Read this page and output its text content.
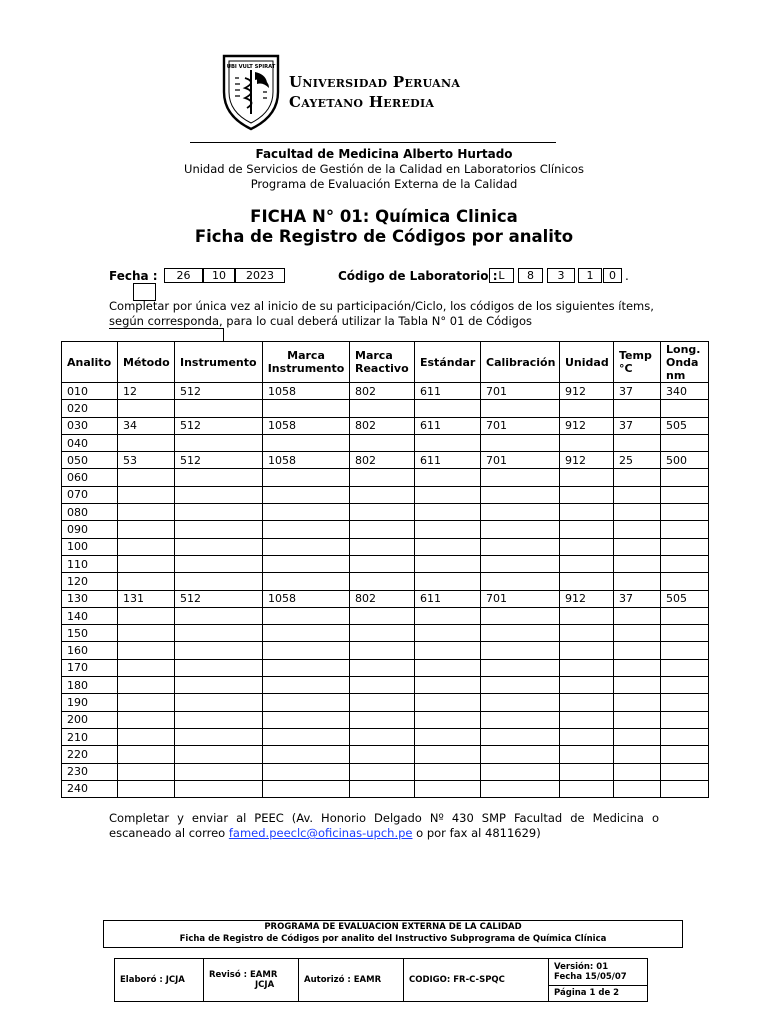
UBI VULT SPIRAT
Universidad Peruana
Cayetano Heredia
Facultad de Medicina Alberto Hurtado
Unidad de Servicios de Gestión de la Calidad en Laboratorios Clínicos
Programa de Evaluación Externa de la Calidad
FICHA N° 01: Química Clinica
Ficha de Registro de Códigos por analito
Fecha :	26	10	2023	Código de Laboratorio : L	8	3	1	0 .
Completar por única vez al inicio de su participación/Ciclo, los códigos de los siguientes ítems, según corresponda, para lo cual deberá utilizar la Tabla N° 01 de Códigos
Analito	Método	Instrumento	Marca Instrumento	Marca Reactivo	Estándar	Calibración	Unidad	Temp °C	Long. Onda nm
010	12	512	1058	802	611	701	912	37	340
020									
030	34	512	1058	802	611	701	912	37	505
040									
050	53	512	1058	802	611	701	912	25	500
060									
070									
080									
090									
100									
110									
120									
130	131	512	1058	802	611	701	912	37	505
140									
150									
160									
170									
180									
190									
200									
210									
220									
230									
240									
Completar y enviar al PEEC (Av. Honorio Delgado Nº 430 SMP Facultad de Medicina o escaneado al correo famed.peeclc@oficinas-upch.pe o por fax al 4811629)
PROGRAMA DE EVALUACION EXTERNA DE LA CALIDAD
Ficha de Registro de Códigos por analito del Instructivo Subprograma de Química Clínica
Elaboró : JCJA	Revisó : EAMR
JCJA	Autorizó : EAMR	CODIGO: FR-C-SPQC	
Versión: 01
Fecha 15/05/07

Página 1 de 2
